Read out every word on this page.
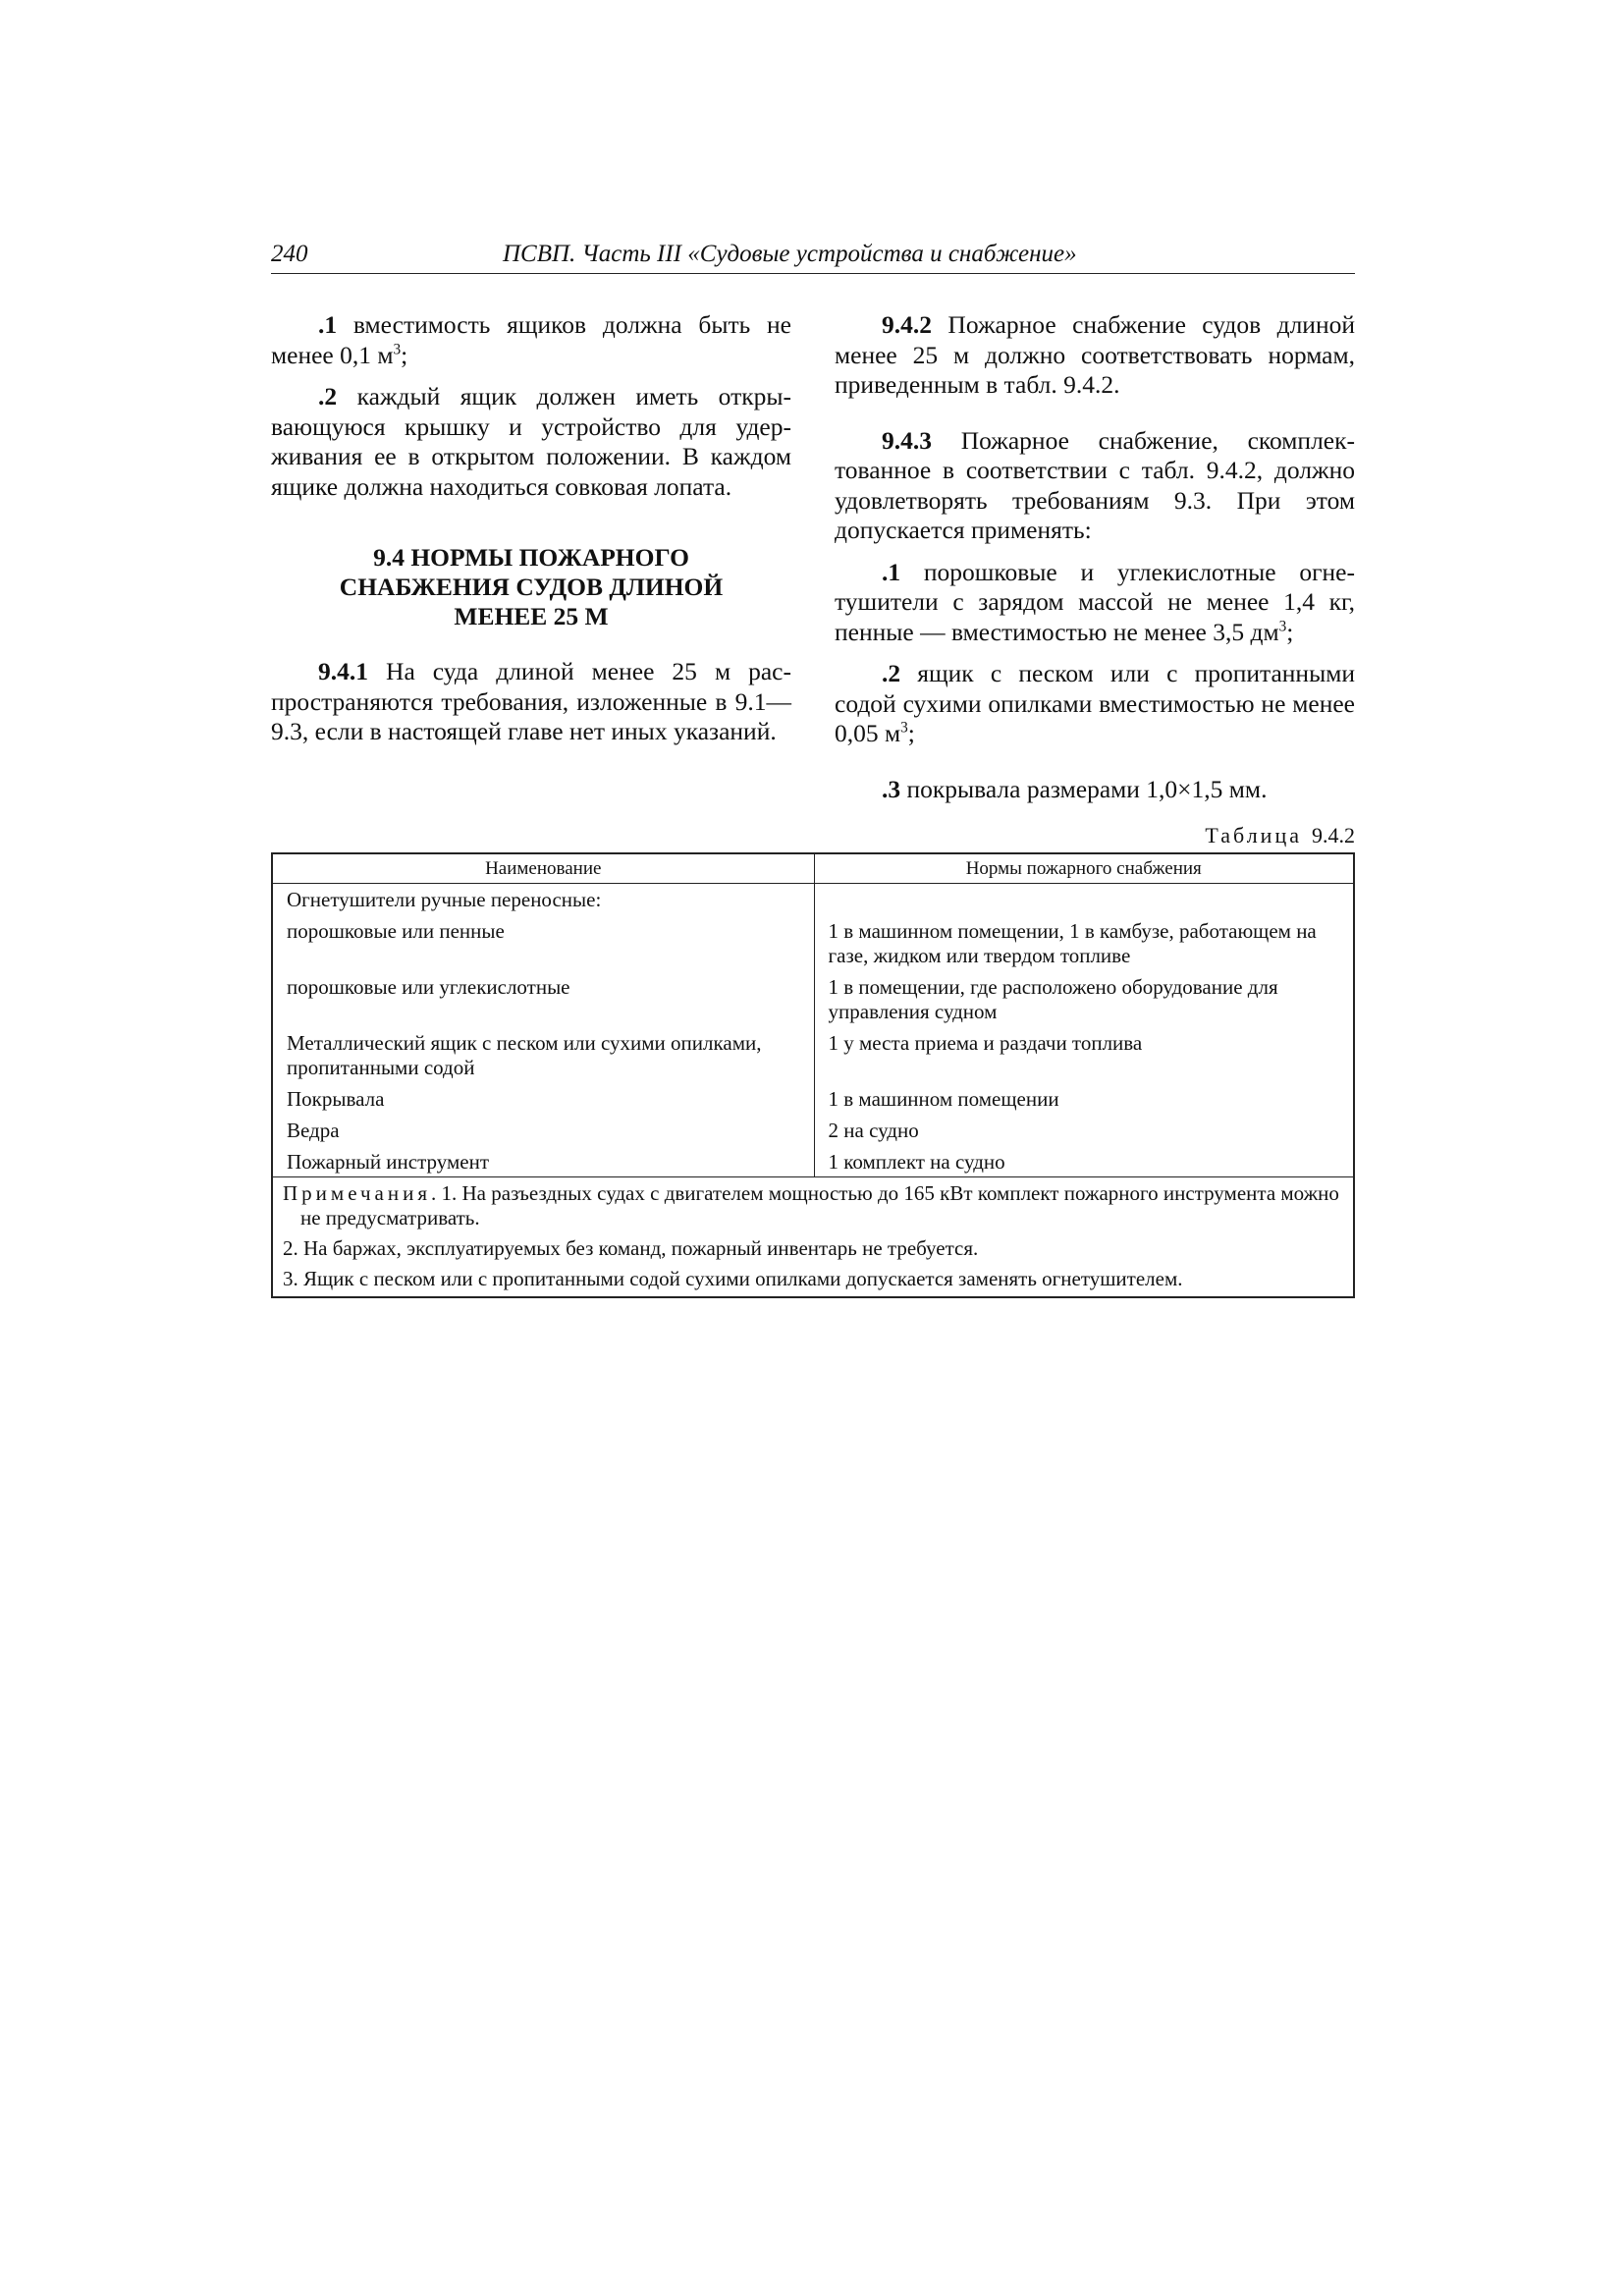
240	ПСВП. Часть III «Судовые устройства и снабжение»

.1 вместимость ящиков должна быть не менее 0,1 $м^3$;

.2 каждый ящик должен иметь открывающуюся крышку и устройство для удерживания ее в открытом положении. В каждом ящике должна находиться совковая лопата.

9.4 НОРМЫ ПОЖАРНОГО СНАБЖЕНИЯ СУДОВ ДЛИНОЙ МЕНЕЕ 25 М

9.4.1 На суда длиной менее 25 м распространяются требования, изложенные в 9.1—9.3, если в настоящей главе нет иных указаний.

9.4.2 Пожарное снабжение судов длиной менее 25 м должно соответствовать нормам, приведенным в табл. 9.4.2.

9.4.3 Пожарное снабжение, скомплектованное в соответствии с табл. 9.4.2, должно удовлетворять требованиям 9.3. При этом допускается применять:

.1 порошковые и углекислотные огнетушители с зарядом массой не менее 1,4 кг, пенные — вместимостью не менее 3,5 $дм^3$;

.2 ящик с песком или с пропитанными содой сухими опилками вместимостью не менее 0,05 $м^3$;

.3 покрывала размерами 1,0×1,5 мм.

Таблица 9.4.2
Наименование	Нормы пожарного снабжения
Огнетушители ручные переносные:	
порошковые или пенные	1 в машинном помещении, 1 в камбузе, работающем на газе, жидком или твердом топливе
порошковые или углекислотные	1 в помещении, где расположено оборудование для управления судном
Металлический ящик с песком или сухими опилками, пропитанными содой	1 у места приема и раздачи топлива
Покрывала	1 в машинном помещении
Ведра	2 на судно
Пожарный инструмент	1 комплект на судно

Примечания. 1. На разъездных судах с двигателем мощностью до 165 кВт комплект пожарного инструмента можно не предусматривать.
2. На баржах, эксплуатируемых без команд, пожарный инвентарь не требуется.
3. Ящик с песком или с пропитанными содой сухими опилками допускается заменять огнетушителем.	
